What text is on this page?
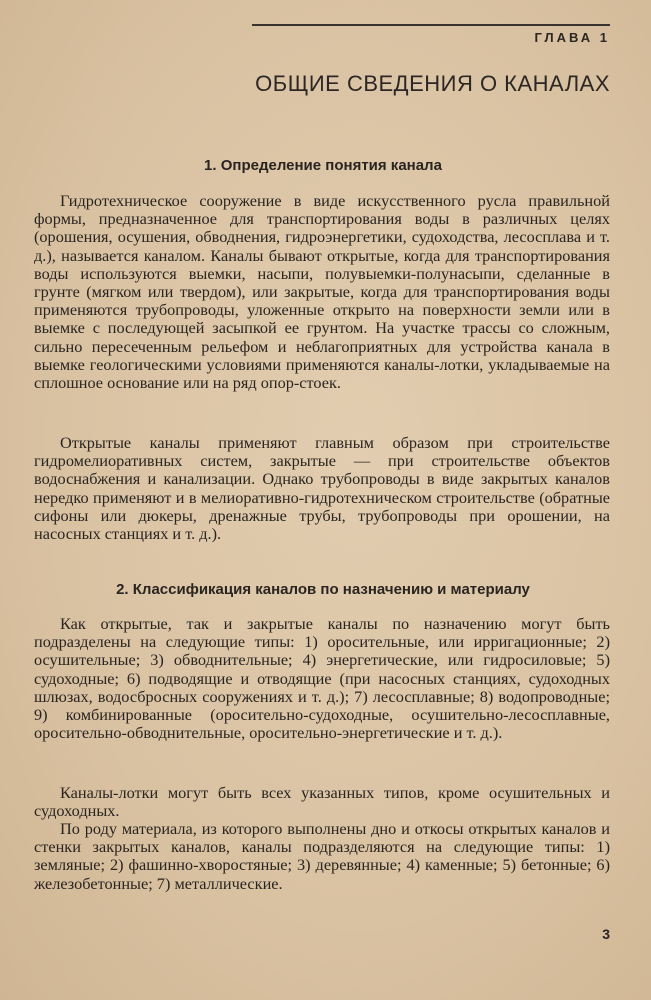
ГЛАВА 1
ОБЩИЕ СВЕДЕНИЯ О КАНАЛАХ
1. Определение понятия канала

Гидротехническое сооружение в виде искусственного русла правильной формы, предназначенное для транспортирования воды в различных целях (орошения, осушения, обводнения, гидроэнергетики, судоходства, лесосплава и т. д.), называется каналом. Каналы бывают открытые, когда для транспортирования воды используются выемки, насыпи, полувыемки-полунасыпи, сделанные в грунте (мягком или твердом), или закрытые, когда для транспортирования воды применяются трубопроводы, уложенные открыто на поверхности земли или в выемке с последующей засыпкой ее грунтом. На участке трассы со сложным, сильно пересеченным рельефом и неблагоприятных для устройства канала в выемке геологическими условиями применяются каналы-лотки, укладываемые на сплошное основание или на ряд опор-стоек.

Открытые каналы применяют главным образом при строительстве гидромелиоративных систем, закрытые — при строительстве объектов водоснабжения и канализации. Однако трубопроводы в виде закрытых каналов нередко применяют и в мелиоративно-гидротехническом строительстве (обратные сифоны или дюкеры, дренажные трубы, трубопроводы при орошении, на насосных станциях и т. д.).

2. Классификация каналов по назначению и материалу

Как открытые, так и закрытые каналы по назначению могут быть подразделены на следующие типы: 1) оросительные, или ирригационные; 2) осушительные; 3) обводнительные; 4) энергетические, или гидросиловые; 5) судоходные; 6) подводящие и отводящие (при насосных станциях, судоходных шлюзах, водосбросных сооружениях и т. д.); 7) лесосплавные; 8) водопроводные; 9) комбинированные (оросительно-судоходные, осушительно-лесосплавные, оросительно-обводнительные, оросительно-энергетические и т. д.).

Каналы-лотки могут быть всех указанных типов, кроме осушительных и судоходных.

По роду материала, из которого выполнены дно и откосы открытых каналов и стенки закрытых каналов, каналы подразделяются на следующие типы: 1) земляные; 2) фашинно-хворостяные; 3) деревянные; 4) каменные; 5) бетонные; 6) железобетонные; 7) металлические.

3
